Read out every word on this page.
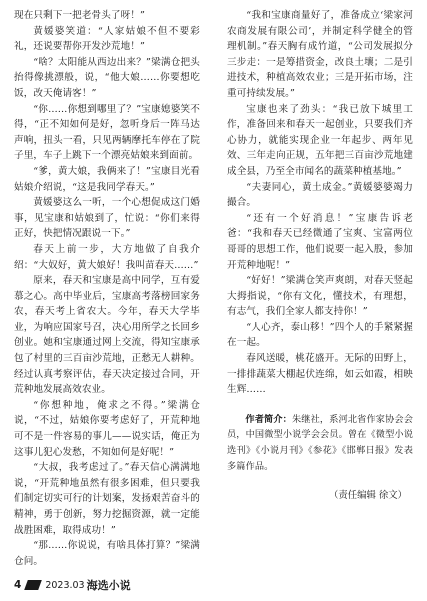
现在只剩下一把老骨头了呀！”

黄媛婆笑道：“人家姑娘不但不要彩礼，还说要帮你开发沙荒地！”

“啥？太阳能从西边出来？”梁满仓把头抬得像挑漂般，说，“他大娘……你要想吃饭，改天俺请客！”

“你……你想到哪里了？”宝康媳婆笑不得，“正不知如何是好，忽听身后一阵马达声响，扭头一看，只见两辆摩托车停在了院子里，车子上跳下一个漂亮姑娘来到面前。

“爹，黄大娘，我俩来了！”宝康目光看姑娘介绍说，“这是我同学春天。”

黄媛婆这么一听，一个心想促成这门婚事，见宝康和姑娘到了，忙说：“你们来得正好，快把情况跟说一下。”

春天上前一步，大方地做了自我介绍：“大奴好，黄大娘好！我叫苗春天……”

原来，春天和宝康是高中同学，互有爱慕之心。高中毕业后，宝康高考落榜回家务农，春天考上省农大。今年，春天大学毕业，为响应国家号召，决心用所学之长回乡创业。她和宝康通过网上交流，得知宝康承包了村里的三百亩沙荒地，正愁无人耕种。经过认真考察评估，春天决定接过合同，开荒种地发展高效农业。

“你想种地，俺求之不得。”梁满仓说，“不过，姑娘你要考虑好了，开荒种地可不是一件容易的事儿——说实话，俺正为这事儿犯心发愁，不知如何是好呢！”

“大叔，我考虑过了。”春天信心满满地说，“开荒种地虽然有很多困难，但只要我们制定切实可行的计划案，发扬艰苦奋斗的精神，勇于创新，努力挖掘资源，就一定能战胜困难，取得成功！”

“那……你说说，有啥具体打算？”梁满仓问。

“我和宝康商量好了，准备成立‘梁家河农商发展有限公司’，并制定科学健全的管理机制。”春天胸有成竹道，“公司发展拟分三步走：一是筹措资金，改良土壤；二是引进技术，种植高效农业；三是开拓市场，注重可持续发展。”

宝康也来了劲头：“我已放下城里工作，准备回来和春天一起创业，只要我们齐心协力，就能实现企业一年起步、两年见效、三年走向正规，五年把三百亩沙荒地建成全县，乃至全市闻名的蔬菜种植基地。”

“夫妻同心，黄土成金。”黄媛婆婆竭力撮合。

“还有一个好消息！”宝康告诉老爸：“我和春天已经微通了宝爽、宝富两位哥哥的思想工作，他们说要一起入股，参加开荒种地呢！”

“好好！”梁满仓笑声爽朗，对春天竖起大拇指说，“你有文化，懂技术，有理想，有志气，我们全家人都支持你！”

“人心齐，泰山移！”四个人的手紧紧握在一起。

春风送暖，桃花盛开。无际的田野上，一排排蔬菜大棚起伏连绵，如云如霞，相映生辉……

作者简介：朱继社，系河北省作家协会会员，中国微型小说学会会员。曾在《微型小说选刊》《小说月刊》《参花》《邯郸日报》发表多篇作品。

（责任编辑 徐文）
4	2023.03 海选小说
